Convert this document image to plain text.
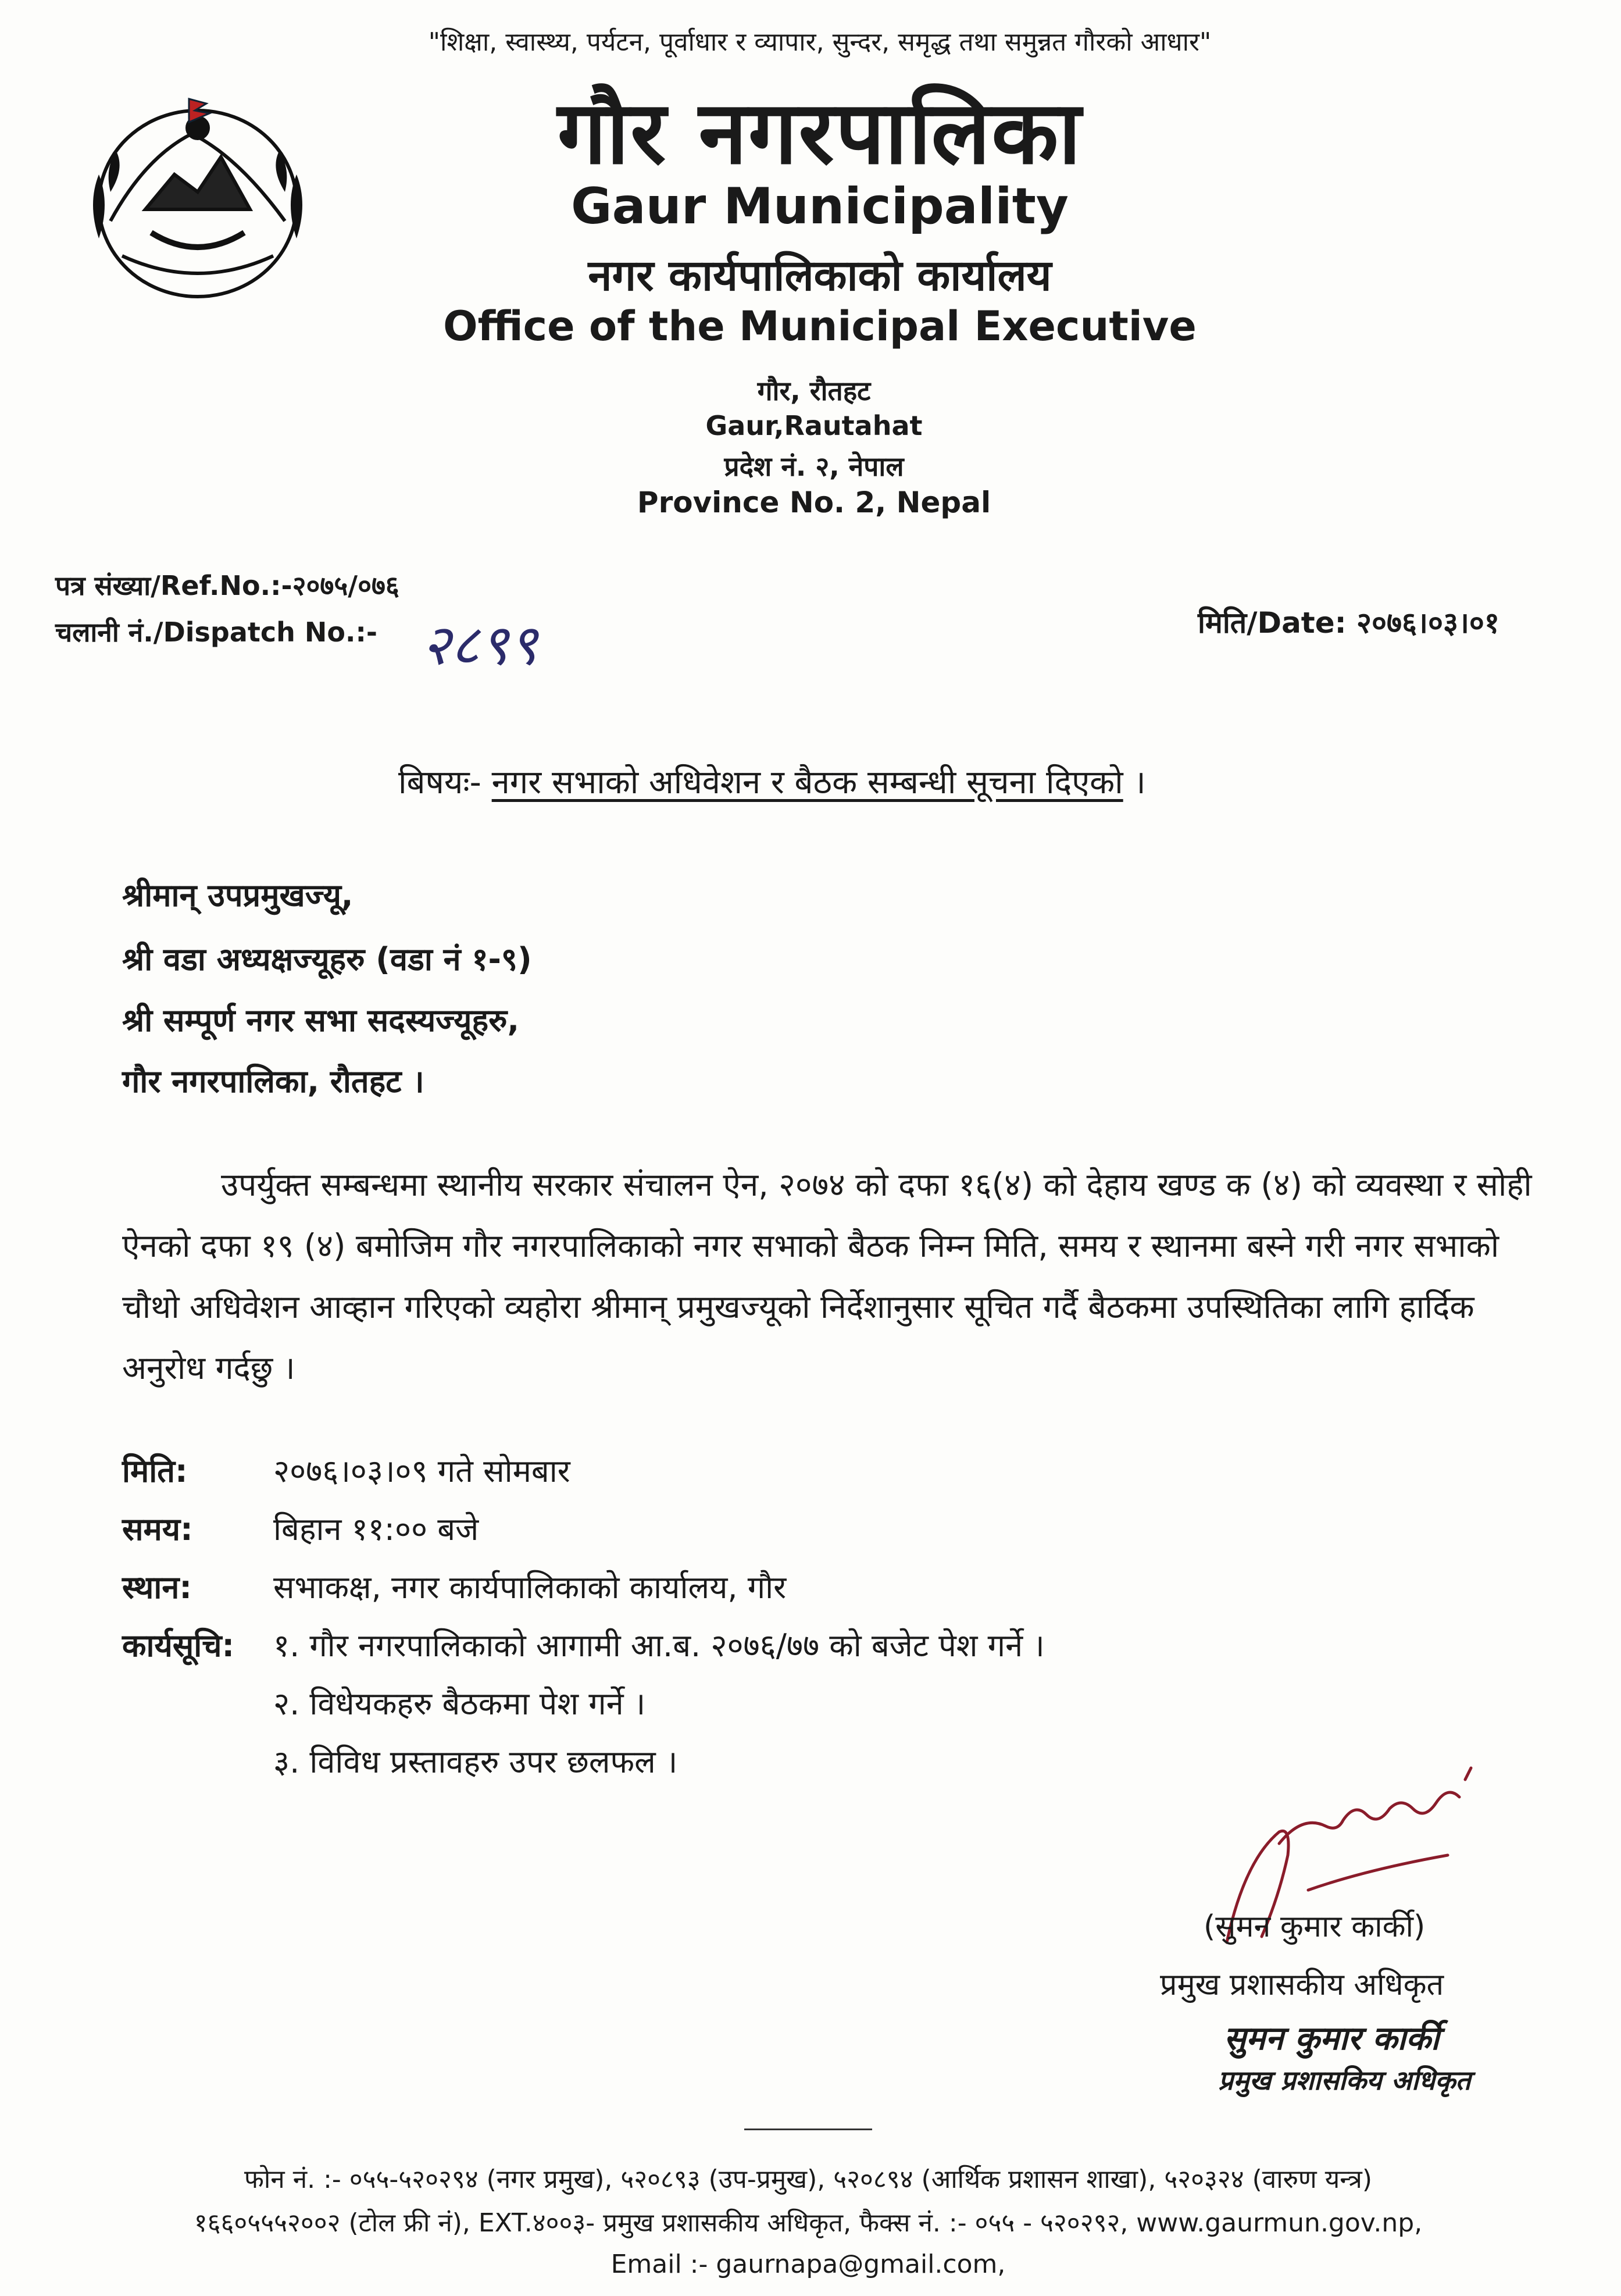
"शिक्षा, स्वास्थ्य, पर्यटन, पूर्वाधार र व्यापार, सुन्दर, समृद्ध तथा समुन्नत गौरको आधार"
गौर नगरपालिका
Gaur Municipality
नगर कार्यपालिकाको कार्यालय
Office of the Municipal Executive
गौर, रौतहट
Gaur,Rautahat
प्रदेश नं. २, नेपाल
Province No. 2, Nepal
पत्र संख्या/Ref.No.:-२०७५/०७६
चलानी नं./Dispatch No.:- २८९९	मिति/Date: २०७६।०३।०१
बिषयः- नगर सभाको अधिवेशन र बैठक सम्बन्धी सूचना दिएको ।
श्रीमान् उपप्रमुखज्यू,
श्री वडा अध्यक्षज्यूहरु (वडा नं १-९)
श्री सम्पूर्ण नगर सभा सदस्यज्यूहरु,
गौर नगरपालिका, रौतहट ।
उपर्युक्त सम्बन्धमा स्थानीय सरकार संचालन ऐन, २०७४ को दफा १६(४) को देहाय खण्ड क (४) को व्यवस्था र सोही ऐनको दफा १९ (४) बमोजिम गौर नगरपालिकाको नगर सभाको बैठक निम्न मिति, समय र स्थानमा बस्ने गरी नगर सभाको चौथो अधिवेशन आव्हान गरिएको व्यहोरा श्रीमान् प्रमुखज्यूको निर्देशानुसार सूचित गर्दै बैठकमा उपस्थितिका लागि हार्दिक अनुरोध गर्दछु ।
मिति:	२०७६।०३।०९ गते सोमबार
समय:	बिहान ११:०० बजे
स्थान:	सभाकक्ष, नगर कार्यपालिकाको कार्यालय, गौर
कार्यसूचि: १. गौर नगरपालिकाको आगामी आ.ब. २०७६/७७ को बजेट पेश गर्ने ।
२. विधेयकहरु बैठकमा पेश गर्ने ।
३. विविध प्रस्तावहरु उपर छलफल ।
(सुमन कुमार कार्की)
प्रमुख प्रशासकीय अधिकृत
सुमन कुमार कार्की
प्रमुख प्रशासकिय अधिकृत
फोन नं. :- ०५५-५२०२९४ (नगर प्रमुख), ५२०८९३ (उप-प्रमुख), ५२०८९४ (आर्थिक प्रशासन शाखा), ५२०३२४ (वारुण यन्त्र)
१६६०५५५२००२ (टोल फ्री नं), EXT.४००३- प्रमुख प्रशासकीय अधिकृत, फैक्स नं. :- ०५५ - ५२०२९२, www.gaurmun.gov.np,
Email :- gaurnapa@gmail.com,
